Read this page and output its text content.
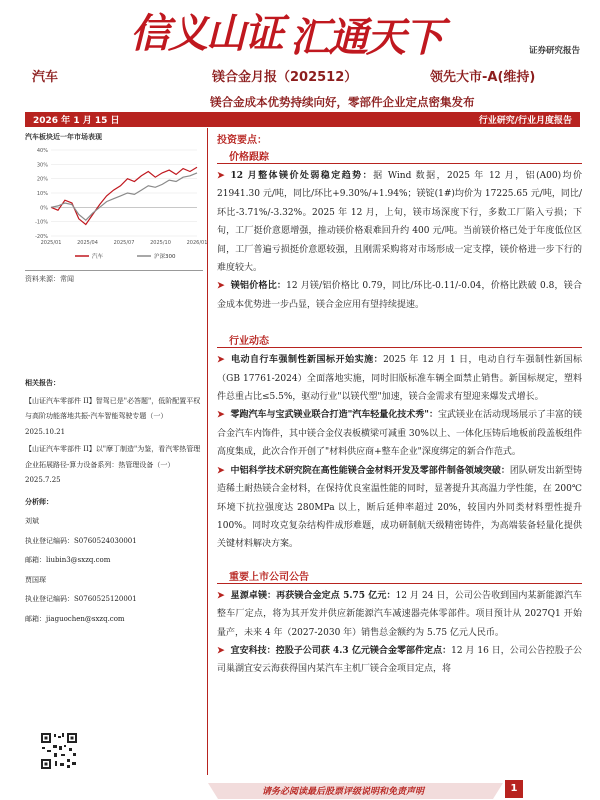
信义山证 汇通天下	证券研究报告
汽车	镁合金月报（202512）	领先大市-A(维持)
镁合金成本优势持续向好，零部件企业定点密集发布
2026 年 1 月 15 日	行业研究/行业月度报告
汽车板块近一年市场表现
40%
30%
20%
10%
0%
-10%
-20%
2025/01	2025/04	2025/07	2025/10	2026/01
汽车	沪深300
资料来源：常闻
相关报告：
【山证汽车零部件 II】智驾已是"必答题"，低阶配置平权与高阶功能落地共振-汽车智能驾驶专题（一） 2025.10.21
【山证汽车零部件 II】以"摩丁制造"为鉴，看汽零热管理企业拓展路径-算力设备系列：热管理设备（一） 2025.7.25
分析师：
刘斌
执业登记编码：S0760524030001
邮箱：liubin3@sxzq.com
贾国琛
执业登记编码：S0760525120001
邮箱：jiaguochen@sxzq.com
投资要点：
价格跟踪
➤ 12 月整体镁价处弱稳定趋势：据 Wind 数据，2025 年 12 月，铝(A00)均价 21941.30 元/吨，同比/环比+9.30%/+1.94%；镁锭(1#)均价为 17225.65 元/吨，同比/环比-3.71%/-3.32%。2025 年 12 月，上旬，镁市场深度下行，多数工厂陷入亏损；下旬，工厂挺价意愿增强，推动镁价格艰难回升约 400 元/吨。当前镁价格已处于年度低位区间，工厂普遍亏损挺价意愿较强，且刚需采购将对市场形成一定支撑，镁价格进一步下行的难度较大。
➤ 镁铝价格比：12 月镁/铝价格比 0.79，同比/环比-0.11/-0.04，价格比跌破 0.8，镁合金成本优势进一步凸显，镁合金应用有望持续提速。
行业动态
➤ 电动自行车强制性新国标开始实施：2025 年 12 月 1 日，电动自行车强制性新国标（GB 17761-2024）全面落地实施，同时旧版标准车辆全面禁止销售。新国标规定，塑料件总重占比≤5.5%，驱动行业"以镁代塑"加速，镁合金需求有望迎来爆发式增长。
➤ 零跑汽车与宝武镁业联合打造"汽车轻量化技术秀"：宝武镁业在活动现场展示了丰富的镁合金汽车内饰件，其中镁合金仪表板横梁可减重 30%以上、一体化压铸后地板前段盖板组件高度集成，此次合作开创了"材料供应商+整车企业"深度绑定的新合作范式。
➤ 中铝科学技术研究院在高性能镁合金材料开发及零部件制备领域突破：团队研发出新型铸造稀土耐热镁合金材料，在保持优良室温性能的同时，显著提升其高温力学性能，在 200℃环境下抗拉强度达 280MPa 以上，断后延伸率超过 20%，较国内外同类材料塑性提升 100%。同时攻克复杂结构件成形难题，成功研制航天级精密铸件，为高端装备轻量化提供关键材料解决方案。
重要上市公司公告
➤ 星源卓镁：再获镁合金定点 5.75 亿元：12 月 24 日，公司公告收到国内某新能源汽车整车厂定点，将为其开发并供应新能源汽车减速器壳体零部件。项目预计从 2027Q1 开始量产，未来 4 年（2027-2030 年）销售总金额约为 5.75 亿元人民币。
➤ 宜安科技：控股子公司获 4.3 亿元镁合金零部件定点：12 月 16 日，公司公告控股子公司巢湖宜安云海获得国内某汽车主机厂镁合金项目定点，将
请务必阅读最后股票评级说明和免责声明	1
